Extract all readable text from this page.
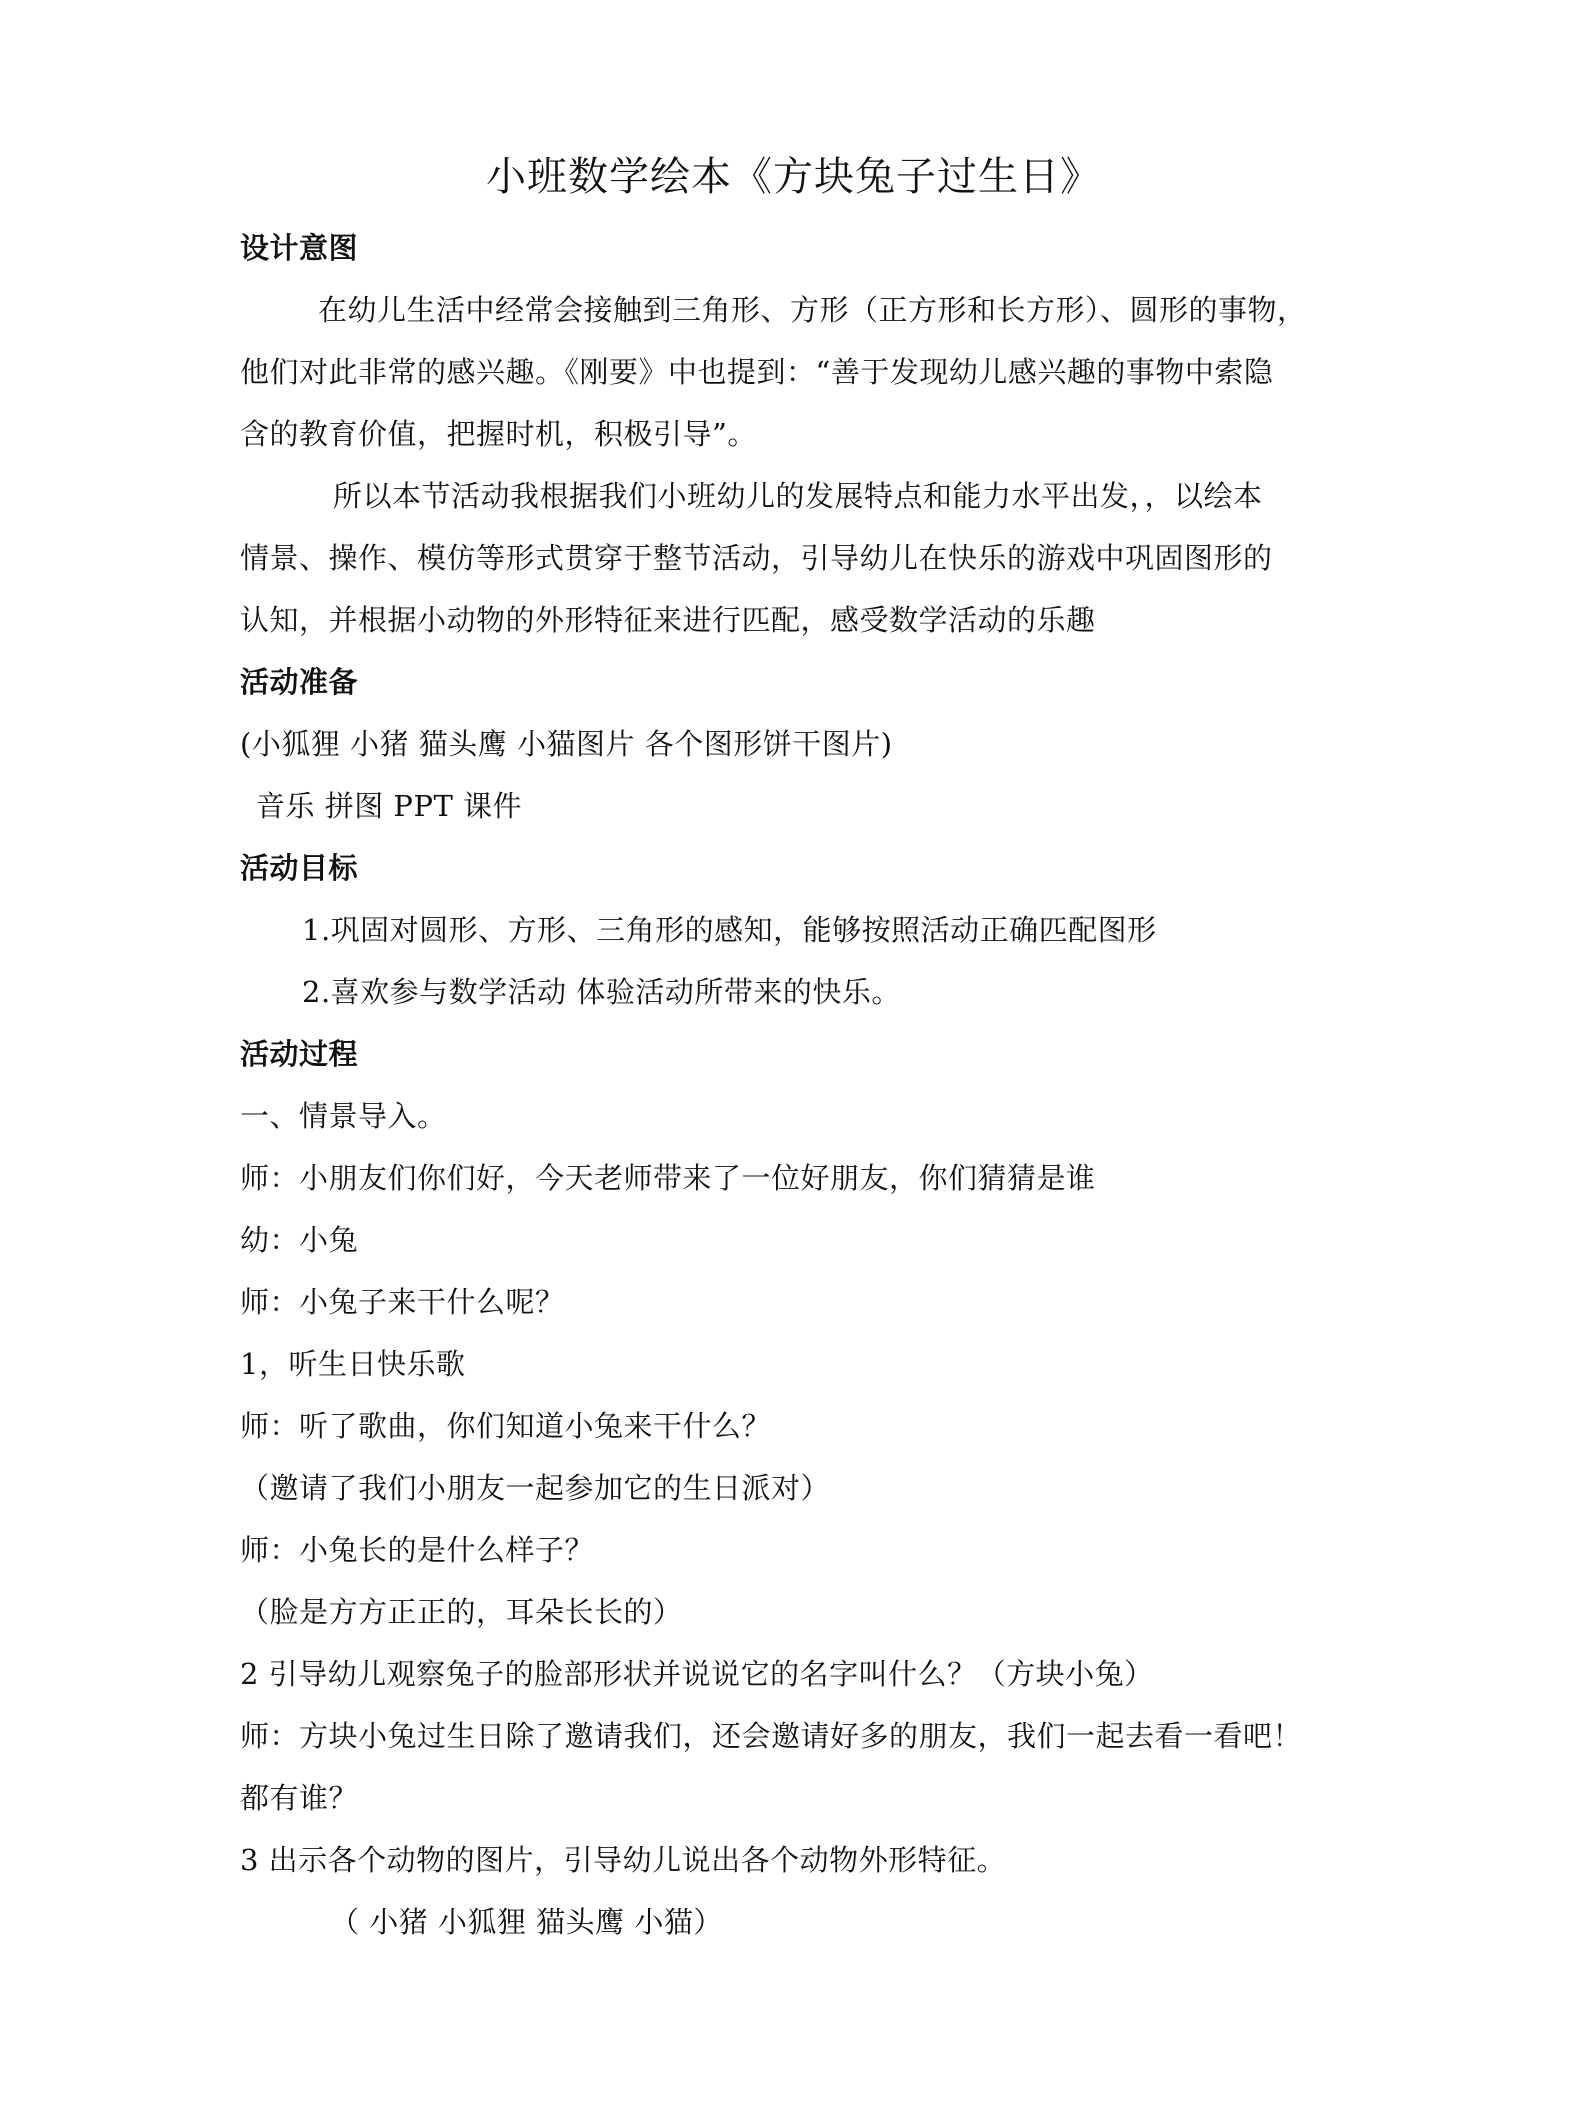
小班数学绘本《方块兔子过生日》
设计意图
在幼儿生活中经常会接触到三角形、方形（正方形和长方形）、圆形的事物，
他们对此非常的感兴趣。《刚要》中也提到：“善于发现幼儿感兴趣的事物中索隐
含的教育价值，把握时机，积极引导”。
所以本节活动我根据我们小班幼儿的发展特点和能力水平出发，，以绘本
情景、操作、模仿等形式贯穿于整节活动，引导幼儿在快乐的游戏中巩固图形的
认知，并根据小动物的外形特征来进行匹配，感受数学活动的乐趣
活动准备
(小狐狸 小猪 猫头鹰 小猫图片 各个图形饼干图片)
音乐 拼图 PPT 课件
活动目标
1.巩固对圆形、方形、三角形的感知，能够按照活动正确匹配图形
2.喜欢参与数学活动 体验活动所带来的快乐。
活动过程
一、情景导入。
师：小朋友们你们好，今天老师带来了一位好朋友，你们猜猜是谁
幼：小兔
师：小兔子来干什么呢？
1，听生日快乐歌
师：听了歌曲，你们知道小兔来干什么？
（邀请了我们小朋友一起参加它的生日派对）
师：小兔长的是什么样子？
（脸是方方正正的，耳朵长长的）
2 引导幼儿观察兔子的脸部形状并说说它的名字叫什么？（方块小兔）
师：方块小兔过生日除了邀请我们，还会邀请好多的朋友，我们一起去看一看吧！
都有谁？
3 出示各个动物的图片，引导幼儿说出各个动物外形特征。
（ 小猪 小狐狸 猫头鹰 小猫）
